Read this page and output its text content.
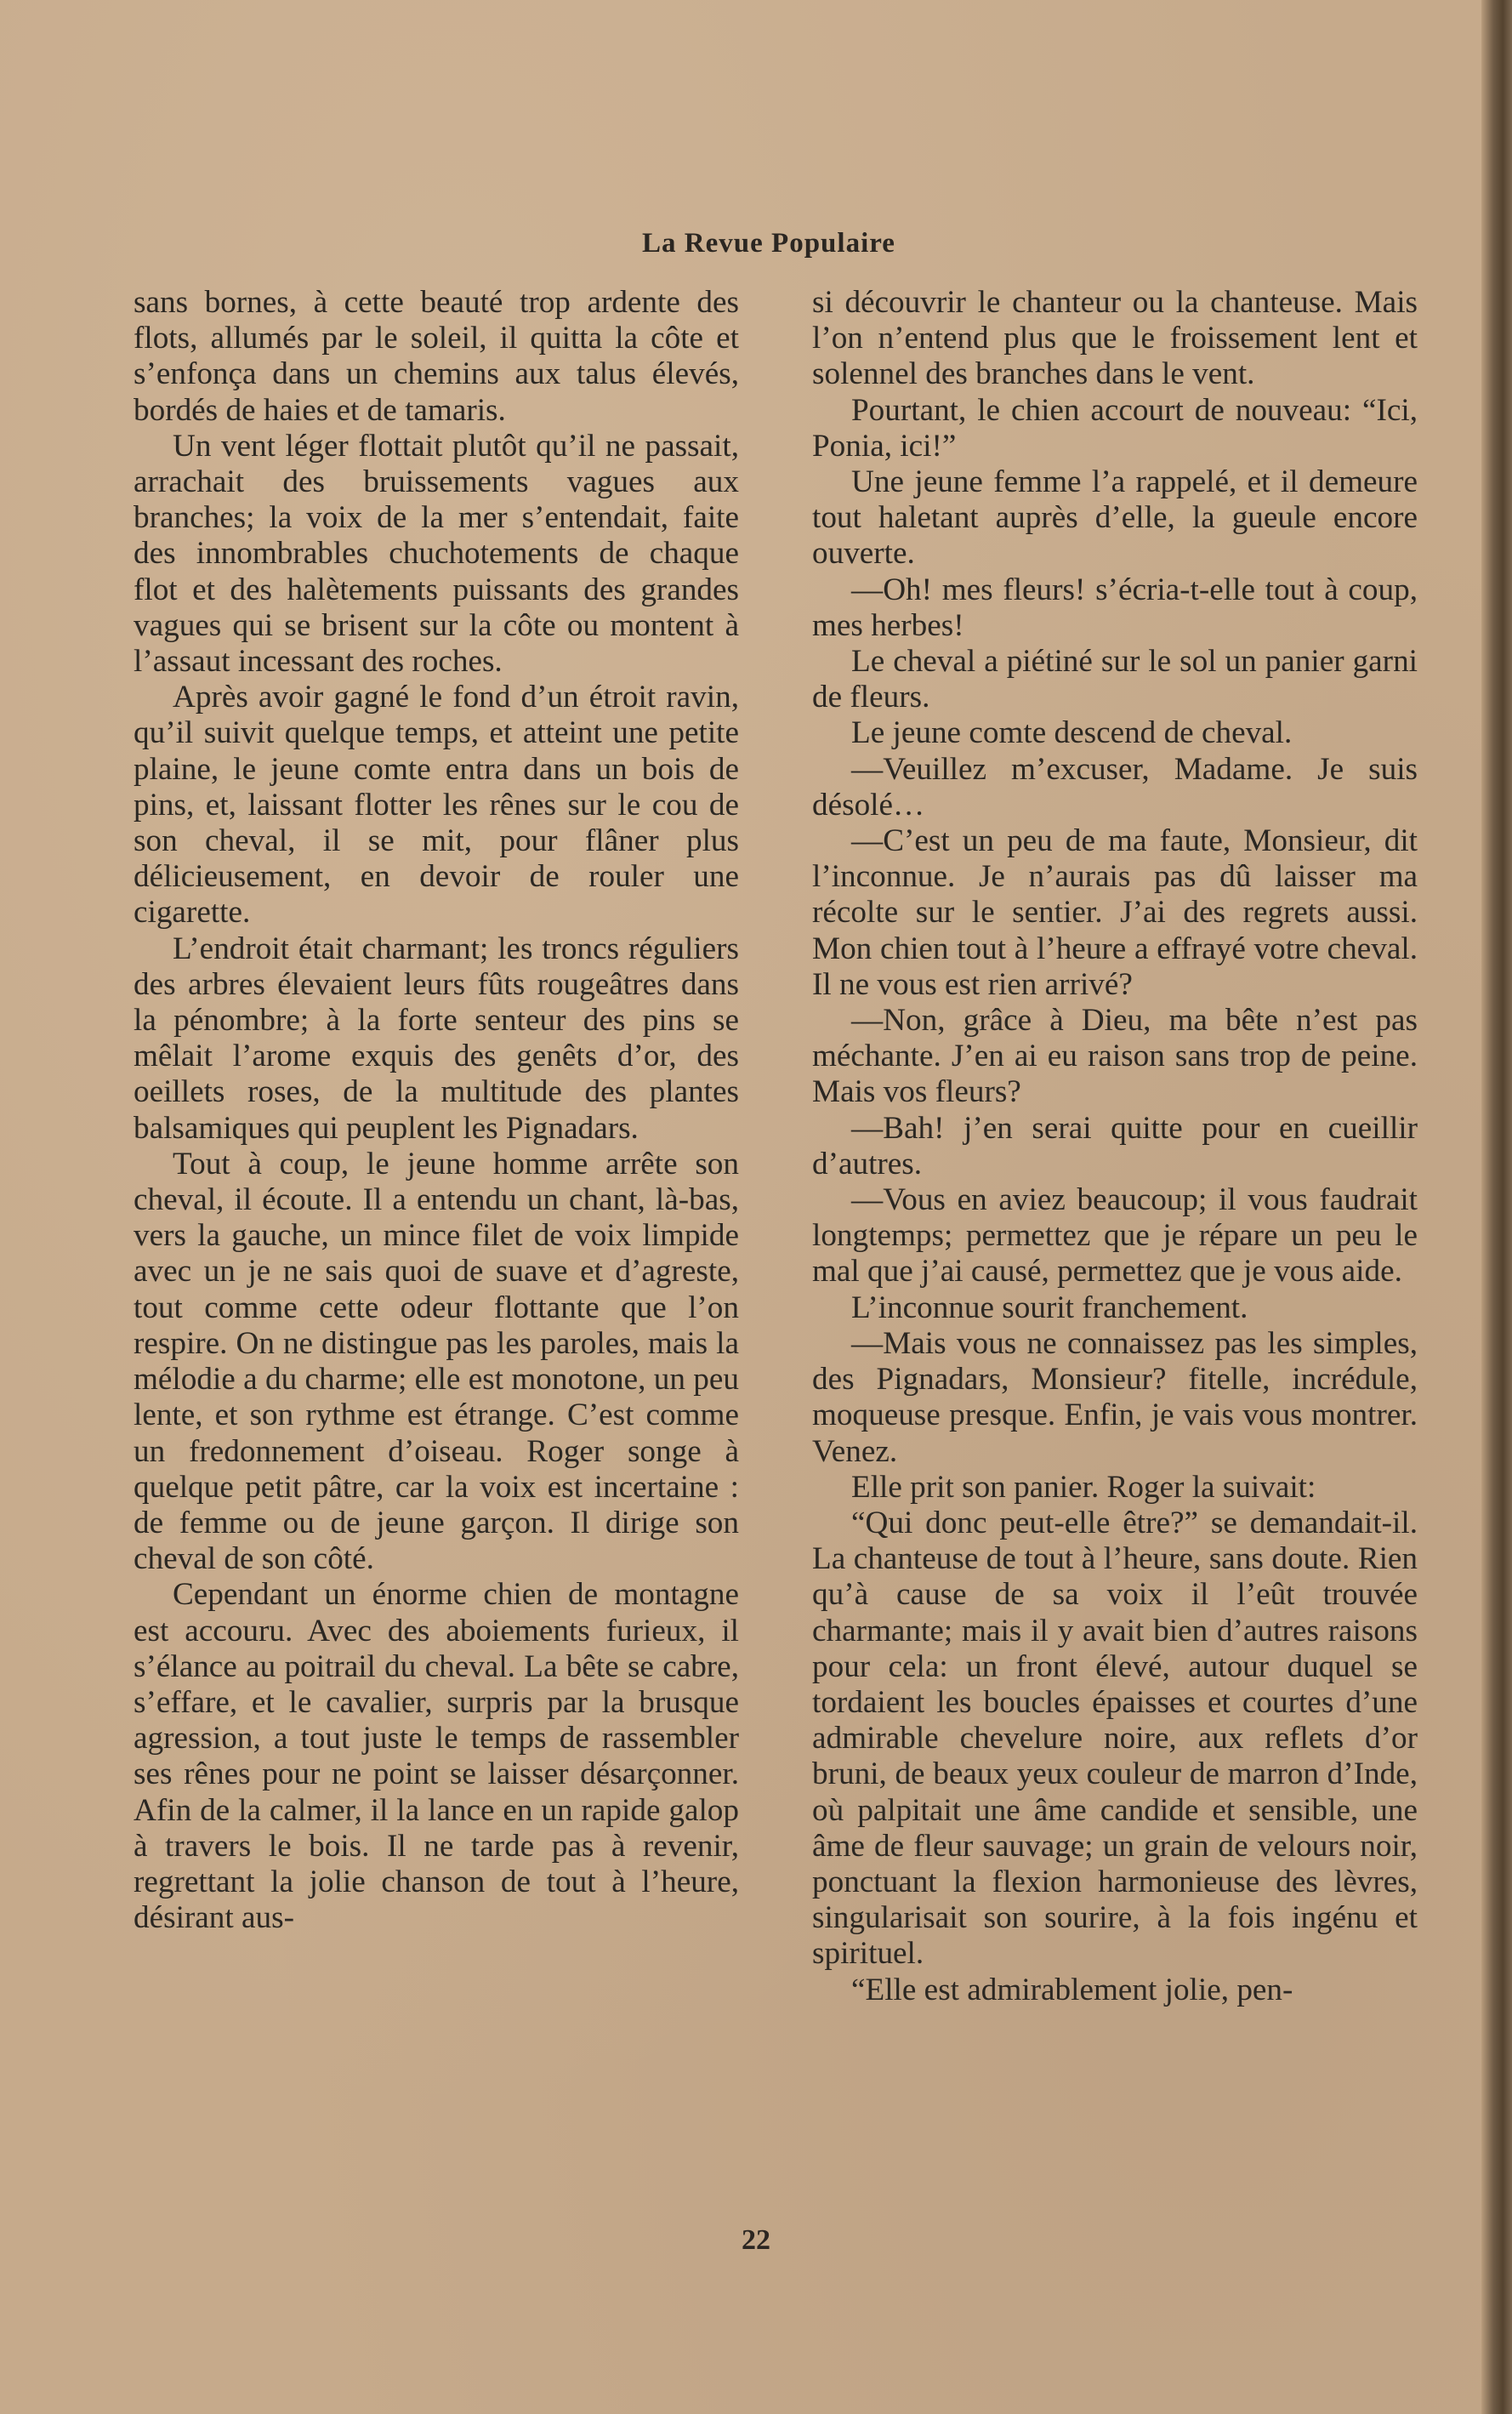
La Revue Populaire

sans bornes, à cette beauté trop ardente des flots, allumés par le soleil, il quitta la côte et s’enfonça dans un chemins aux talus élevés, bordés de haies et de tamaris.

Un vent léger flottait plutôt qu’il ne passait, arrachait des bruissements vagues aux branches; la voix de la mer s’entendait, faite des innombrables chuchotements de chaque flot et des halètements puissants des grandes vagues qui se brisent sur la côte ou montent à l’assaut incessant des roches.

Après avoir gagné le fond d’un étroit ravin, qu’il suivit quelque temps, et atteint une petite plaine, le jeune comte entra dans un bois de pins, et, laissant flotter les rênes sur le cou de son cheval, il se mit, pour flâner plus délicieusement, en devoir de rouler une cigarette.

L’endroit était charmant; les troncs réguliers des arbres élevaient leurs fûts rougeâtres dans la pénombre; à la forte senteur des pins se mêlait l’arome exquis des genêts d’or, des oeillets roses, de la multitude des plantes balsamiques qui peuplent les Pignadars.

Tout à coup, le jeune homme arrête son cheval, il écoute. Il a entendu un chant, là-bas, vers la gauche, un mince filet de voix limpide avec un je ne sais quoi de suave et d’agreste, tout comme cette odeur flottante que l’on respire. On ne distingue pas les paroles, mais la mélodie a du charme; elle est monotone, un peu lente, et son rythme est étrange. C’est comme un fredonnement d’oiseau. Roger songe à quelque petit pâtre, car la voix est incertaine : de femme ou de jeune garçon. Il dirige son cheval de son côté.

Cependant un énorme chien de montagne est accouru. Avec des aboiements furieux, il s’élance au poitrail du cheval. La bête se cabre, s’effare, et le cavalier, surpris par la brusque agression, a tout juste le temps de rassembler ses rênes pour ne point se laisser désarçonner. Afin de la calmer, il la lance en un rapide galop à travers le bois. Il ne tarde pas à revenir, regrettant la jolie chanson de tout à l’heure, désirant aus-

si découvrir le chanteur ou la chanteuse. Mais l’on n’entend plus que le froissement lent et solennel des branches dans le vent.

Pourtant, le chien accourt de nouveau: “Ici, Ponia, ici!”

Une jeune femme l’a rappelé, et il demeure tout haletant auprès d’elle, la gueule encore ouverte.

—Oh! mes fleurs! s’écria-t-elle tout à coup, mes herbes!

Le cheval a piétiné sur le sol un panier garni de fleurs.

Le jeune comte descend de cheval.

—Veuillez m’excuser, Madame. Je suis désolé…

—C’est un peu de ma faute, Monsieur, dit l’inconnue. Je n’aurais pas dû laisser ma récolte sur le sentier. J’ai des regrets aussi. Mon chien tout à l’heure a effrayé votre cheval. Il ne vous est rien arrivé?

—Non, grâce à Dieu, ma bête n’est pas méchante. J’en ai eu raison sans trop de peine. Mais vos fleurs?

—Bah! j’en serai quitte pour en cueillir d’autres.

—Vous en aviez beaucoup; il vous faudrait longtemps; permettez que je répare un peu le mal que j’ai causé, permettez que je vous aide.

L’inconnue sourit franchement.

—Mais vous ne connaissez pas les simples, des Pignadars, Monsieur? fitelle, incrédule, moqueuse presque. Enfin, je vais vous montrer. Venez.

Elle prit son panier. Roger la suivait:

“Qui donc peut-elle être?” se demandait-il. La chanteuse de tout à l’heure, sans doute. Rien qu’à cause de sa voix il l’eût trouvée charmante; mais il y avait bien d’autres raisons pour cela: un front élevé, autour duquel se tordaient les boucles épaisses et courtes d’une admirable chevelure noire, aux reflets d’or bruni, de beaux yeux couleur de marron d’Inde, où palpitait une âme candide et sensible, une âme de fleur sauvage; un grain de velours noir, ponctuant la flexion harmonieuse des lèvres, singularisait son sourire, à la fois ingénu et spirituel.

“Elle est admirablement jolie, pen-

22
